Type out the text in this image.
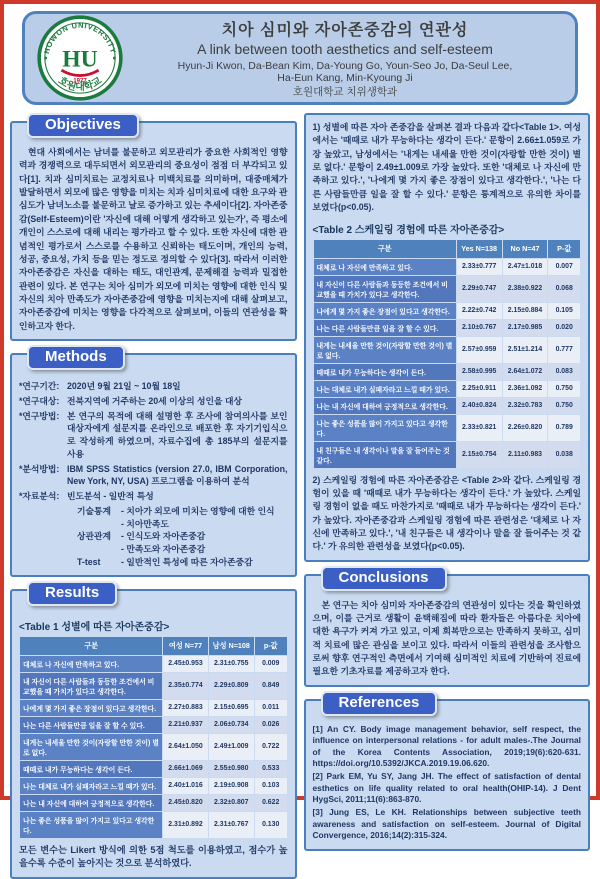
HOWON UNIVERSITY
HU
1977
호원대학교
치아 심미와 자아존중감의 연관성
A link between tooth aesthetics and self-esteem
Hyun-Ji Kwon, Da-Bean Kim, Da-Young Go, Youn-Seo Jo, Da-Seul Lee,
Ha-Eun Kang, Min-Kyoung Ji
호원대학교 치위생학과
Objectives

현대 사회에서는 남녀를 불문하고 외모관리가 중요한 사회적인 영향력과 경쟁력으로 대두되면서 외모관리의 중요성이 점점 더 부각되고 있다[1]. 치과 심미치료는 교정치료나 미백치료를 의미하며, 대중매체가 발달하면서 외모에 많은 영향을 미치는 치과 심미치료에 대한 요구와 관심도가 남녀노소를 불문하고 날로 증가하고 있는 추세이다[2]. 자아존중감(Self-Esteem)이란 '자신에 대해 어떻게 생각하고 있는가', 즉 평소에 개인이 스스로에 대해 내리는 평가라고 할 수 있다. 또한 자신에 대한 관념적인 평가로서 스스로를 수용하고 신뢰하는 태도이며, 개인의 능력, 성공, 중요성, 가치 등을 믿는 정도로 정의할 수 있다[3]. 따라서 이러한 자아존중감은 자신을 대하는 태도, 대인관계, 문제해결 능력과 밀접한 관련이 있다. 본 연구는 치아 심미가 외모에 미치는 영향에 대한 인식 및 자신의 치아 만족도가 자아존중감에 영향을 미치는지에 대해 살펴보고, 자아존중감에 미치는 영향을 다각적으로 살펴보며, 이들의 연관성을 확인하고자 한다.

Methods
*연구기간: 2020년 9월 21일 ~ 10월 18일
*연구대상: 전북지역에 거주하는 20세 이상의 성인을 대상
*연구방법: 본 연구의 목적에 대해 설명한 후 조사에 참여의사를 보인 대상자에게 설문지를 온라인으로 배포한 후 자기기입식으로 작성하게 하였으며, 자료수집에 총 185부의 설문지를 사용
*분석방법: IBM SPSS Statistics (version 27.0, IBM Corporation, New York, NY, USA) 프로그램을 이용하여 분석
*자료분석: 빈도분석 - 일반적 특성
기술통계	- 치아가 외모에 미치는 영향에 대한 인식
- 치아만족도
상관관계	- 인식도와 자아존중감
- 만족도와 자아존중감
T-test	- 일반적인 특성에 따른 자아존중감
Results
<Table 1 성별에 따른 자아존중감>
구분	여성 N=77	남성 N=108	p-값
대체로 나 자신에 만족하고 있다.	2.45±0.953	2.31±0.755	0.009
내 자신이 다른 사람들과 동등한 조건에서 비교했을 때 가치가 있다고 생각한다.	2.35±0.774	2.29±0.809	0.849
나에게 몇 가지 좋은 장점이 있다고 생각한다.	2.27±0.883	2.15±0.695	0.011
나는 다른 사람들만큼 일을 잘 할 수 있다.	2.21±0.937	2.06±0.734	0.026
내게는 내세울 만한 것이(자랑할 만한 것이) 별로 없다.	2.64±1.050	2.49±1.009	0.722
때때로 내가 무능하다는 생각이 든다.	2.66±1.069	2.55±0.980	0.533
나는 대체로 내가 실패자라고 느낄 때가 있다.	2.40±1.016	2.19±0.908	0.103
나는 내 자신에 대하여 긍정적으로 생각한다.	2.45±0.820	2.32±0.807	0.622
나는 좋은 성품을 많이 가지고 있다고 생각한다.	2.31±0.892	2.31±0.767	0.130

모든 변수는 Likert 방식에 의한 5점 척도를 이용하였고, 점수가 높을수록 수준이 높아지는 것으로 분석하였다.

1) 성별에 따른 자아 존중감을 살펴본 결과 다음과 같다<Table 1>. 여성에서는 '때때로 내가 무능하다는 생각이 든다.' 문항이 2.66±1.059로 가장 높았고, 남성에서는 '내게는 내세울 만한 것이(자랑할 만한 것이) 별로 없다.' 문항이 2.49±1.009로 가장 높았다. 또한 '대체로 나 자신에 만족하고 있다.', '나에게 몇 가지 좋은 장점이 있다고 생각한다.', '나는 다른 사람들만큼 일을 잘 할 수 있다.' 문항은 통계적으로 유의한 차이를 보였다(p<0.05).

<Table 2 스케일링 경험에 따른 자아존중감>
구분	Yes N=138	No N=47	P-값
대체로 나 자신에 만족하고 있다.	2.33±0.777	2.47±1.018	0.007
내 자신이 다른 사람들과 동등한 조건에서 비교했을 때 가치가 있다고 생각한다.	2.29±0.747	2.38±0.922	0.068
나에게 몇 가지 좋은 장점이 있다고 생각한다.	2.22±0.742	2.15±0.884	0.105
나는 다른 사람들만큼 일을 잘 할 수 있다.	2.10±0.767	2.17±0.985	0.020
내게는 내세울 만한 것이(자랑할 만한 것이) 별로 없다.	2.57±0.959	2.51±1.214	0.777
때때로 내가 무능하다는 생각이 든다.	2.58±0.995	2.64±1.072	0.083
나는 대체로 내가 실패자라고 느낄 때가 있다.	2.25±0.911	2.36±1.092	0.750
나는 내 자신에 대하여 긍정적으로 생각한다.	2.40±0.824	2.32±0.783	0.750
나는 좋은 성품을 많이 가지고 있다고 생각한다.	2.33±0.821	2.26±0.820	0.789
내 친구들은 내 생각이나 말을 잘 들어주는 것 같다.	2.15±0.754	2.11±0.983	0.038

2) 스케일링 경험에 따른 자아존중감은 <Table 2>와 같다. 스케일링 경험이 있을 때 '때때로 내가 무능하다는 생각이 든다.' 가 높았다. 스케일링 경험이 없을 때도 마찬가지로 '때때로 내가 무능하다는 생각이 든다.' 가 높았다. 자아존중감과 스케일링 경험에 따른 관련성은 '대체로 나 자신에 만족하고 있다.', '내 친구들은 내 생각이나 말을 잘 들어주는 것 같다.' 가 유의한 관련성을 보였다(p<0.05).

Conclusions

본 연구는 치아 심미와 자아존중감의 연관성이 있다는 것을 확인하였으며, 이를 근거로 생활이 윤택해짐에 따라 환자들은 아름다운 치아에 대한 욕구가 커져 가고 있고, 이제 회복만으로는 만족하지 못하고, 심미적 치료에 많은 관심을 보이고 있다. 따라서 이들의 관련성을 조사함으로써 향후 연구적인 측면에서 기여해 심미적인 치료에 기반하여 진료에 필요한 기초자료를 제공하고자 한다.

References

[1] An CY. Body image management behavior, self respect, the influence on interpersonal relations - for adult males-.The Journal of the Korea Contents Association, 2019;19(6):620-631. https://doi.org/10.5392/JKCA.2019.19.06.620.

[2] Park EM, Yu SY, Jang JH. The effect of satisfaction of dental esthetics on life quality related to oral health(OHIP-14). J Dent HygSci, 2011;11(6):863-870.

[3] Jung ES, Le KH. Relationships between subjective teeth awareness and satisfaction on self-esteem. Journal of Digital Convergence, 2016;14(2):315-324.
